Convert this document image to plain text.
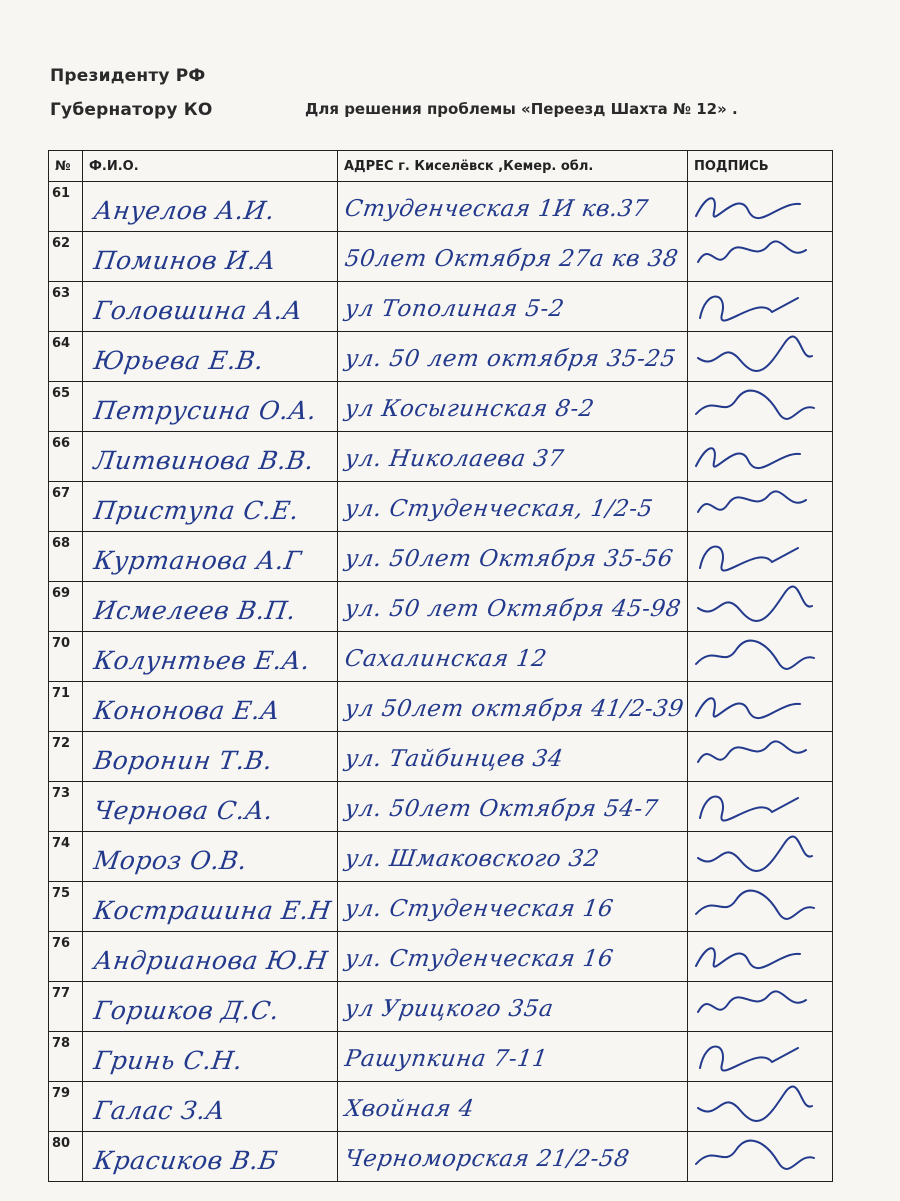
Президенту РФ
Губернатору КО	Для решения проблемы «Переезд Шахта № 12» .
№	Ф.И.О.	АДРЕС г. Киселёвск ,Кемер. обл.	ПОДПИСЬ

61	Ануелов А.И.	Студенческая 1И кв.37

62	Поминов И.А	50лет Октября 27а кв 38

63	Головшина А.А	ул Тополиная 5-2

64	Юрьева Е.В.	ул. 50 лет октября 35-25

65	Петрусина О.А.	ул Косыгинская 8-2

66	Литвинова В.В.	ул. Николаева 37

67	Приступа С.Е.	ул. Студенческая, 1/2-5

68	Куртанова А.Г	ул. 50лет Октября 35-56

69	Исмелеев В.П.	ул. 50 лет Октября 45-98

70	Колунтьев Е.А.	Сахалинская 12

71	Кононова Е.А	ул 50лет октября 41/2-39

72	Воронин Т.В.	ул. Тайбинцев 34

73	Чернова С.А.	ул. 50лет Октября 54-7

74	Мороз О.В.	ул. Шмаковского 32

75	Кострашина Е.Н	ул. Студенческая 16

76	Андрианова Ю.Н	ул. Студенческая 16

77	Горшков Д.С.	ул Урицкого 35а

78	Гринь С.Н.	Рашупкина 7-11

79	Галас З.А	Хвойная 4

80	Красиков В.Б	Черноморская 21/2-58
